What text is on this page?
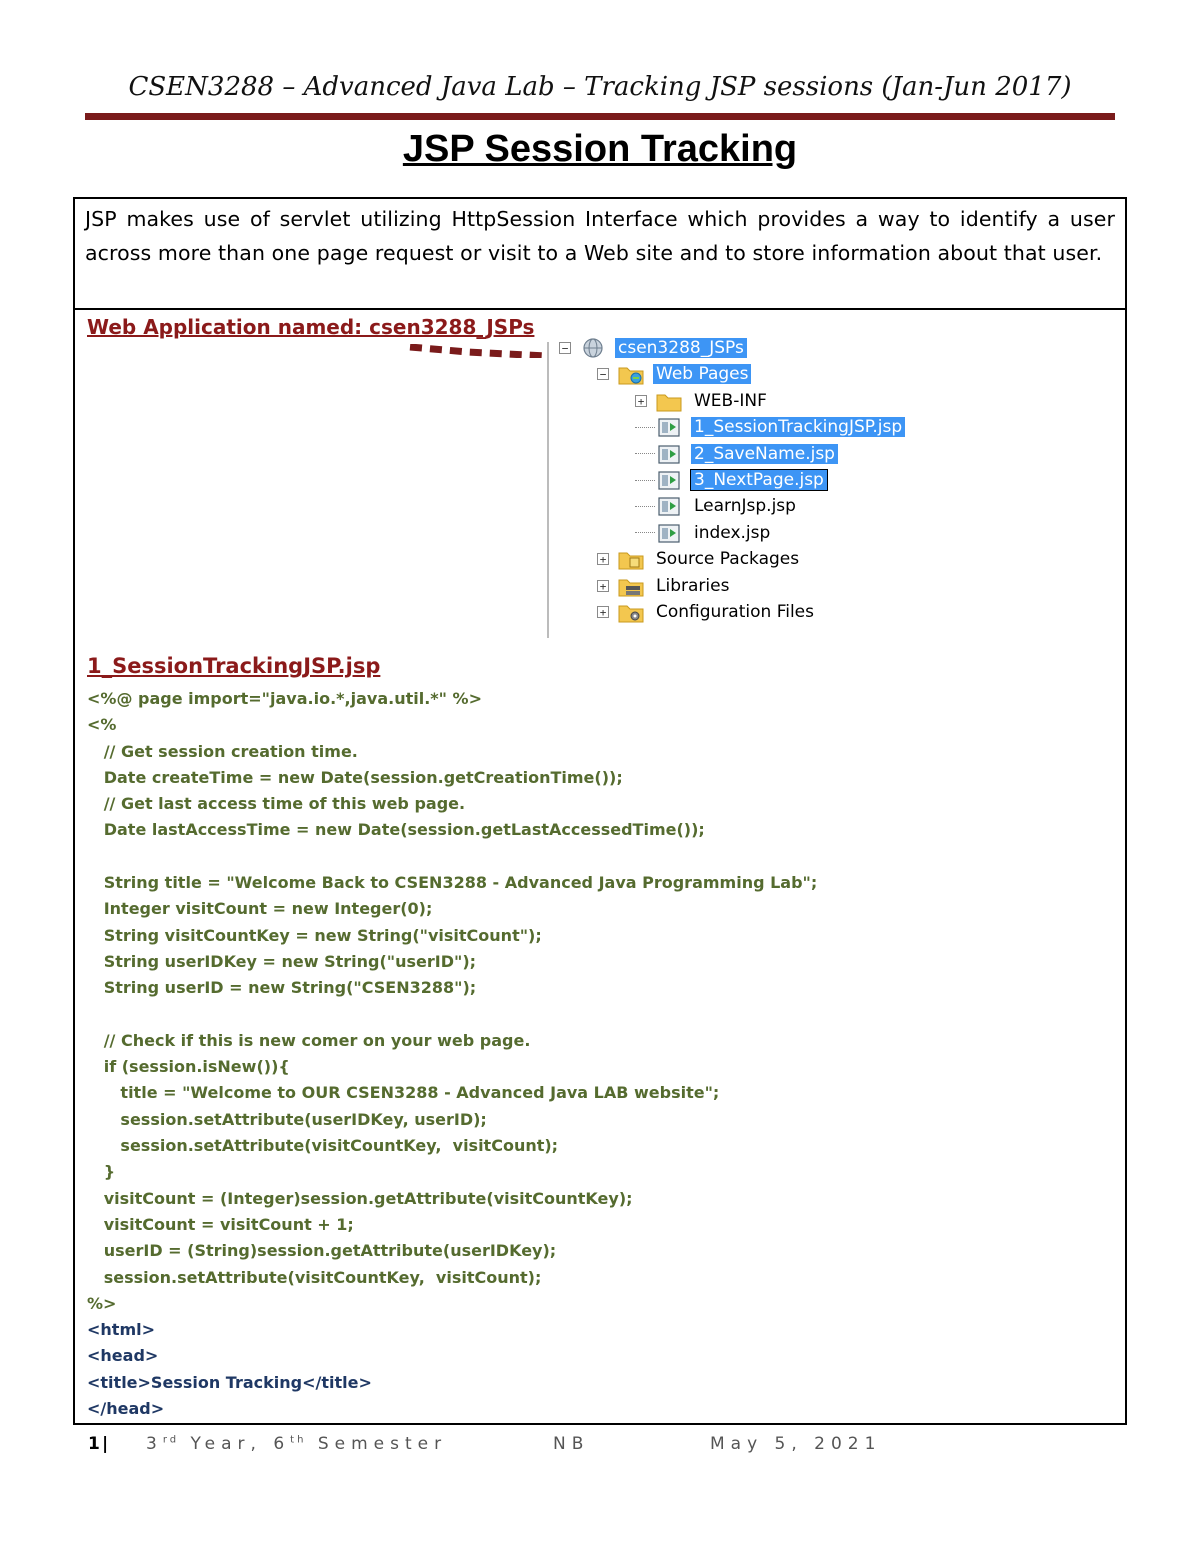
CSEN3288 – Advanced Java Lab – Tracking JSP sessions (Jan-Jun 2017)
JSP Session Tracking
JSP makes use of servlet utilizing HttpSession Interface which provides a way to identify a user across more than one page request or visit to a Web site and to store information about that user.
Web Application named: csen3288_JSPs
−	csen3288_JSPs
−	Web Pages
+	WEB-INF
1_SessionTrackingJSP.jsp
2_SaveName.jsp
3_NextPage.jsp
LearnJsp.jsp
index.jsp
+	Source Packages
+	Libraries
+	Configuration Files
1_SessionTrackingJSP.jsp
<%@ page import="java.io.*,java.util.*" %>
<%
// Get session creation time.
Date createTime = new Date(session.getCreationTime());
// Get last access time of this web page.
Date lastAccessTime = new Date(session.getLastAccessedTime());
String title = "Welcome Back to CSEN3288 - Advanced Java Programming Lab";
Integer visitCount = new Integer(0);
String visitCountKey = new String("visitCount");
String userIDKey = new String("userID");
String userID = new String("CSEN3288");
// Check if this is new comer on your web page.
if (session.isNew()){
title = "Welcome to OUR CSEN3288 - Advanced Java LAB website";
session.setAttribute(userIDKey, userID);
session.setAttribute(visitCountKey,  visitCount);
}
visitCount = (Integer)session.getAttribute(visitCountKey);
visitCount = visitCount + 1;
userID = (String)session.getAttribute(userIDKey);
session.setAttribute(visitCountKey,  visitCount);
%>
<html>
<head>
<title>Session Tracking</title>
</head>
1 | 3rd Year, 6th Semester	NB	May 5, 2021
